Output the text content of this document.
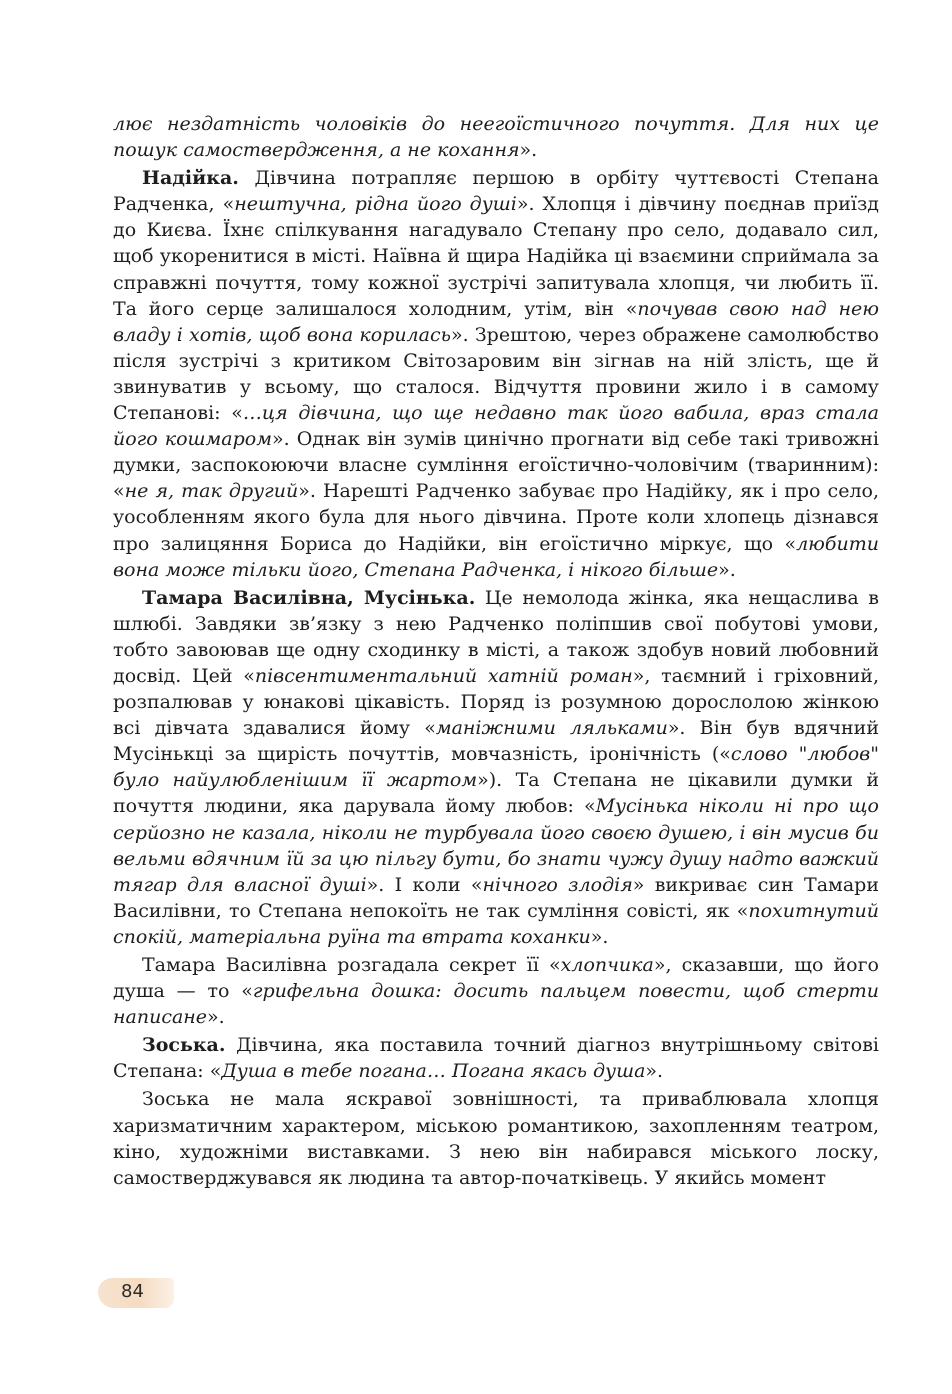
лює нездатність чоловіків до неегоїстичного почуття. Для них це пошук самоствердження, а не кохання».

Надійка. Дівчина потрапляє першою в орбіту чуттєвості Степана Радченка, «нештучна, рідна його душі». Хлопця і дівчину поєднав приїзд до Києва. Їхнє спілкування нагадувало Степану про село, додавало сил, щоб укоренитися в місті. Наївна й щира Надійка ці взаємини сприймала за справжні почуття, тому кожної зустрічі запитувала хлопця, чи любить її. Та його серце залишалося холодним, утім, він «почував свою над нею владу і хотів, щоб вона корилась». Зрештою, через ображене самолюбство після зустрічі з критиком Світозаровим він зігнав на ній злість, ще й звинуватив у всьому, що сталося. Відчуття провини жило і в самому Степанові: «…ця дівчина, що ще недавно так його вабила, враз стала його кошмаром». Однак він зумів цинічно прогнати від себе такі тривожні думки, заспокоюючи власне сумління егоїстично-чоловічим (тваринним): «не я, так другий». Нарешті Радченко забуває про Надійку, як і про село, уособленням якого була для нього дівчина. Проте коли хлопець дізнався про залицяння Бориса до Надійки, він егоїстично міркує, що «любити вона може тільки його, Степана Радченка, і нікого більше».

Тамара Василівна, Мусінька. Це немолода жінка, яка нещаслива в шлюбі. Завдяки зв’язку з нею Радченко поліпшив свої побутові умови, тобто завоював ще одну сходинку в місті, а також здобув новий любовний досвід. Цей «півсентиментальний хатній роман», таємний і гріховний, розпалював у юнакові цікавість. Поряд із розумною дорослолою жінкою всі дівчата здавалися йому «маніжними ляльками». Він був вдячний Мусінькці за щирість почуттів, мовчазність, іронічність («слово "любов" було найулюбленішим її жартом»). Та Степана не цікавили думки й почуття людини, яка дарувала йому любов: «Мусінька ніколи ні про що серйозно не казала, ніколи не турбувала його своєю душею, і він мусив би вельми вдячним їй за цю пільгу бути, бо знати чужу душу надто важкий тягар для власної душі». І коли «нічного злодія» викриває син Тамари Василівни, то Степана непокоїть не так сумління совісті, як «похитнутий спокій, матеріальна руїна та втрата коханки».

Тамара Василівна розгадала секрет її «хлопчика», сказавши, що його душа — то «грифельна дошка: досить пальцем повести, щоб стерти написане».

Зоська. Дівчина, яка поставила точний діагноз внутрішньому світові Степана: «Душа в тебе погана… Погана якась душа».

Зоська не мала яскравої зовнішності, та приваблювала хлопця харизматичним характером, міською романтикою, захопленням театром, кіно, художніми виставками. З нею він набирався міського лоску, самостверджувався як людина та автор-початківець. У якийсь момент

84
